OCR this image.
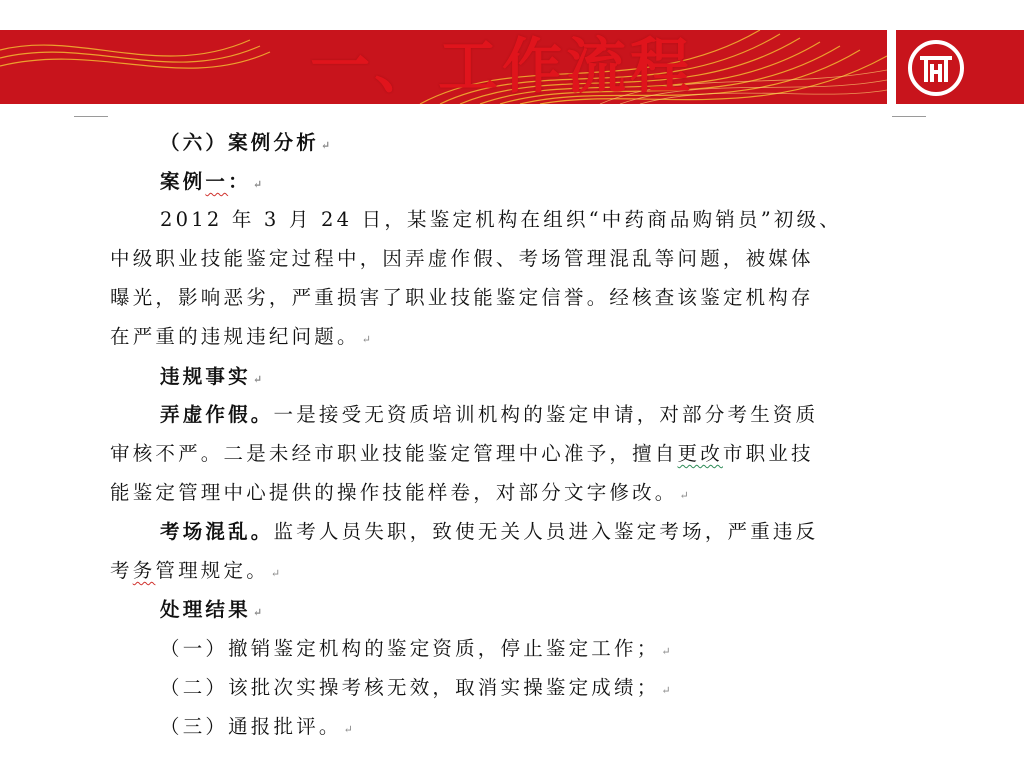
一、工作流程
（六）案例分析 ↵
案例一： ↵
2012 年 3 月 24 日，某鉴定机构在组织“中药商品购销员”初级、
中级职业技能鉴定过程中，因弄虚作假、考场管理混乱等问题，被媒体
曝光，影响恶劣，严重损害了职业技能鉴定信誉。经核查该鉴定机构存
在严重的违规违纪问题。 ↵
违规事实 ↵
弄虚作假。一是接受无资质培训机构的鉴定申请，对部分考生资质
审核不严。二是未经市职业技能鉴定管理中心准予，擅自更改市职业技
能鉴定管理中心提供的操作技能样卷，对部分文字修改。 ↵
考场混乱。监考人员失职，致使无关人员进入鉴定考场，严重违反
考务管理规定。 ↵
处理结果 ↵
（一）撤销鉴定机构的鉴定资质，停止鉴定工作； ↵
（二）该批次实操考核无效，取消实操鉴定成绩； ↵
（三）通报批评。 ↵
